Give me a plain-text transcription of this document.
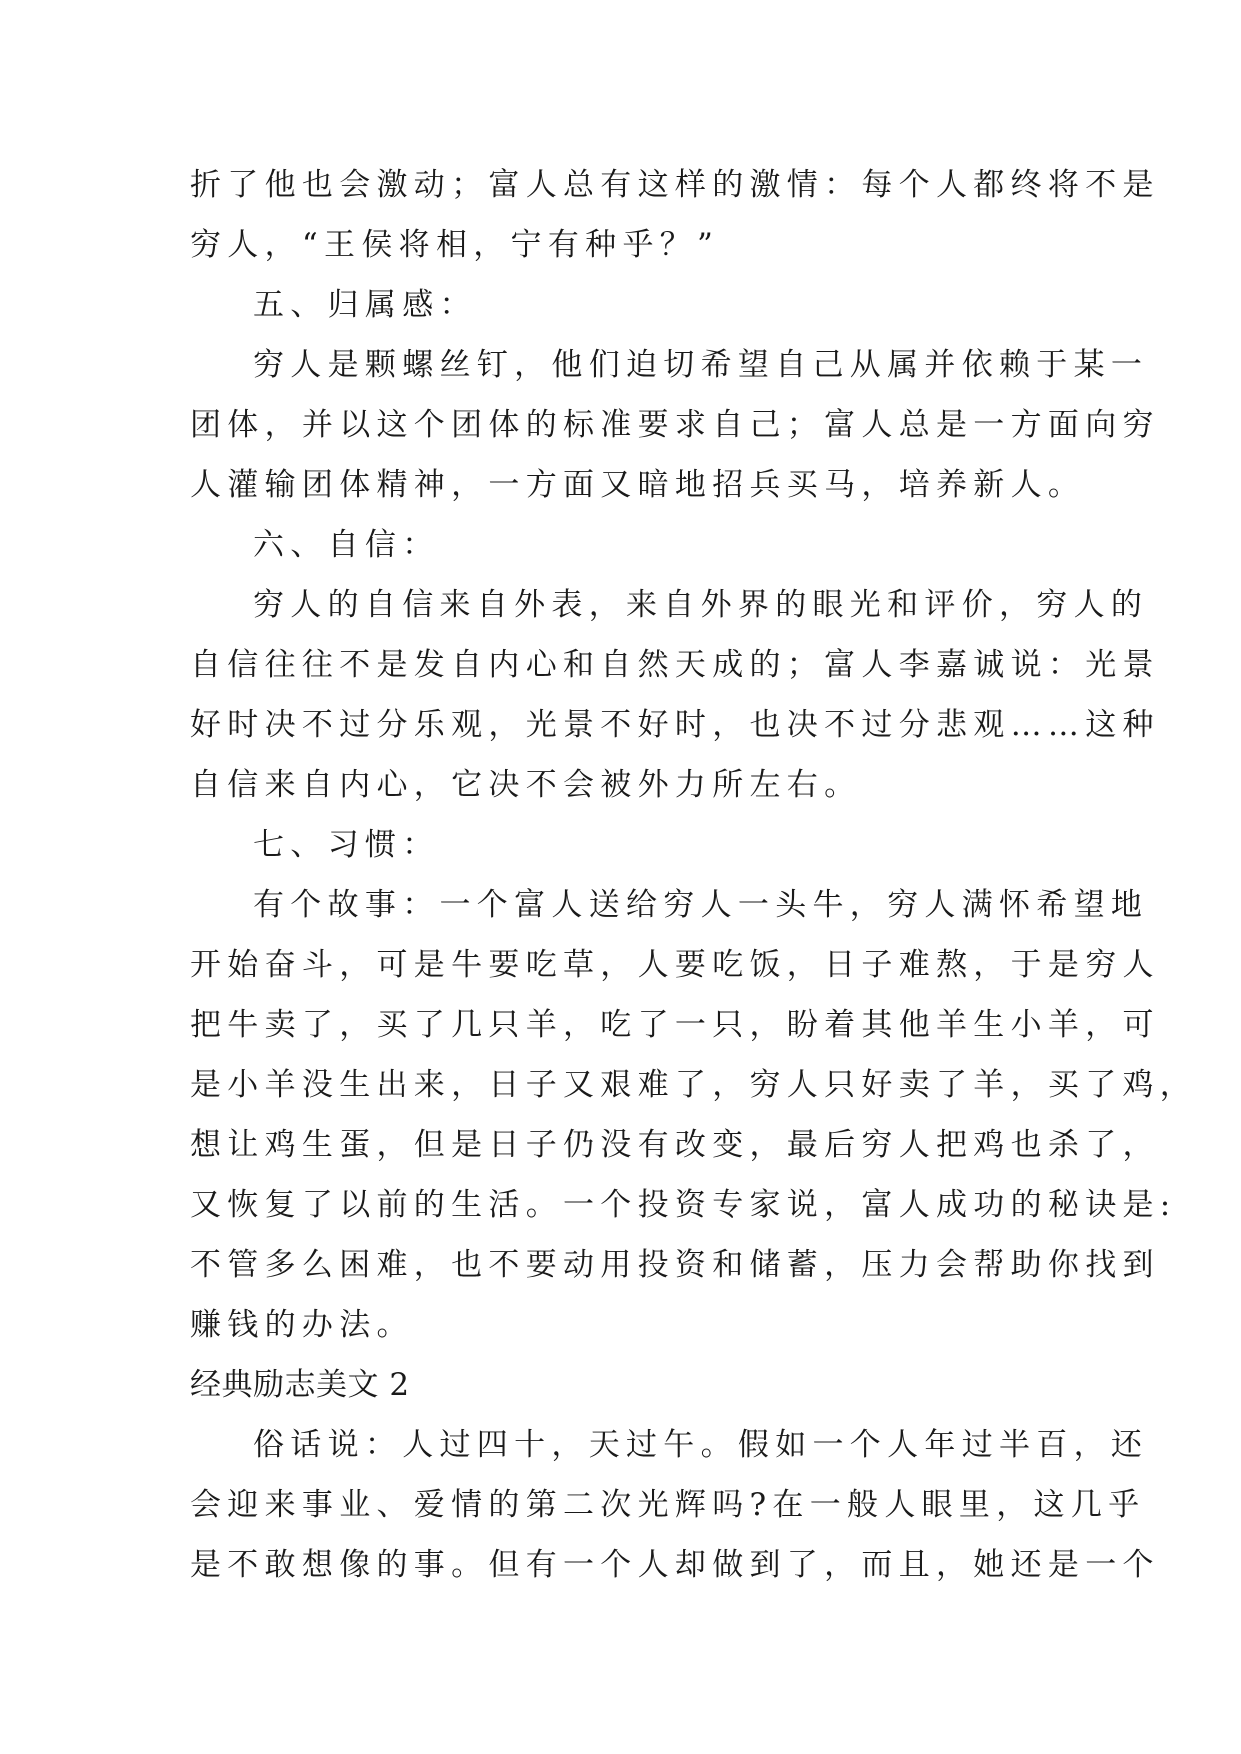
折了他也会激动；富人总有这样的激情：每个人都终将不是
穷人，“王侯将相，宁有种乎？”
五、归属感：
穷人是颗螺丝钉，他们迫切希望自己从属并依赖于某一
团体，并以这个团体的标准要求自己；富人总是一方面向穷
人灌输团体精神，一方面又暗地招兵买马，培养新人。
六、自信：
穷人的自信来自外表，来自外界的眼光和评价，穷人的
自信往往不是发自内心和自然天成的；富人李嘉诚说：光景
好时决不过分乐观，光景不好时，也决不过分悲观……这种
自信来自内心，它决不会被外力所左右。
七、习惯：
有个故事：一个富人送给穷人一头牛，穷人满怀希望地
开始奋斗，可是牛要吃草，人要吃饭，日子难熬，于是穷人
把牛卖了，买了几只羊，吃了一只，盼着其他羊生小羊，可
是小羊没生出来，日子又艰难了，穷人只好卖了羊，买了鸡，
想让鸡生蛋，但是日子仍没有改变，最后穷人把鸡也杀了，
又恢复了以前的生活。一个投资专家说，富人成功的秘诀是:
不管多么困难，也不要动用投资和储蓄，压力会帮助你找到
赚钱的办法。
经典励志美文 2
俗话说：人过四十，天过午。假如一个人年过半百，还
会迎来事业、爱情的第二次光辉吗?在一般人眼里，这几乎
是不敢想像的事。但有一个人却做到了，而且，她还是一个
